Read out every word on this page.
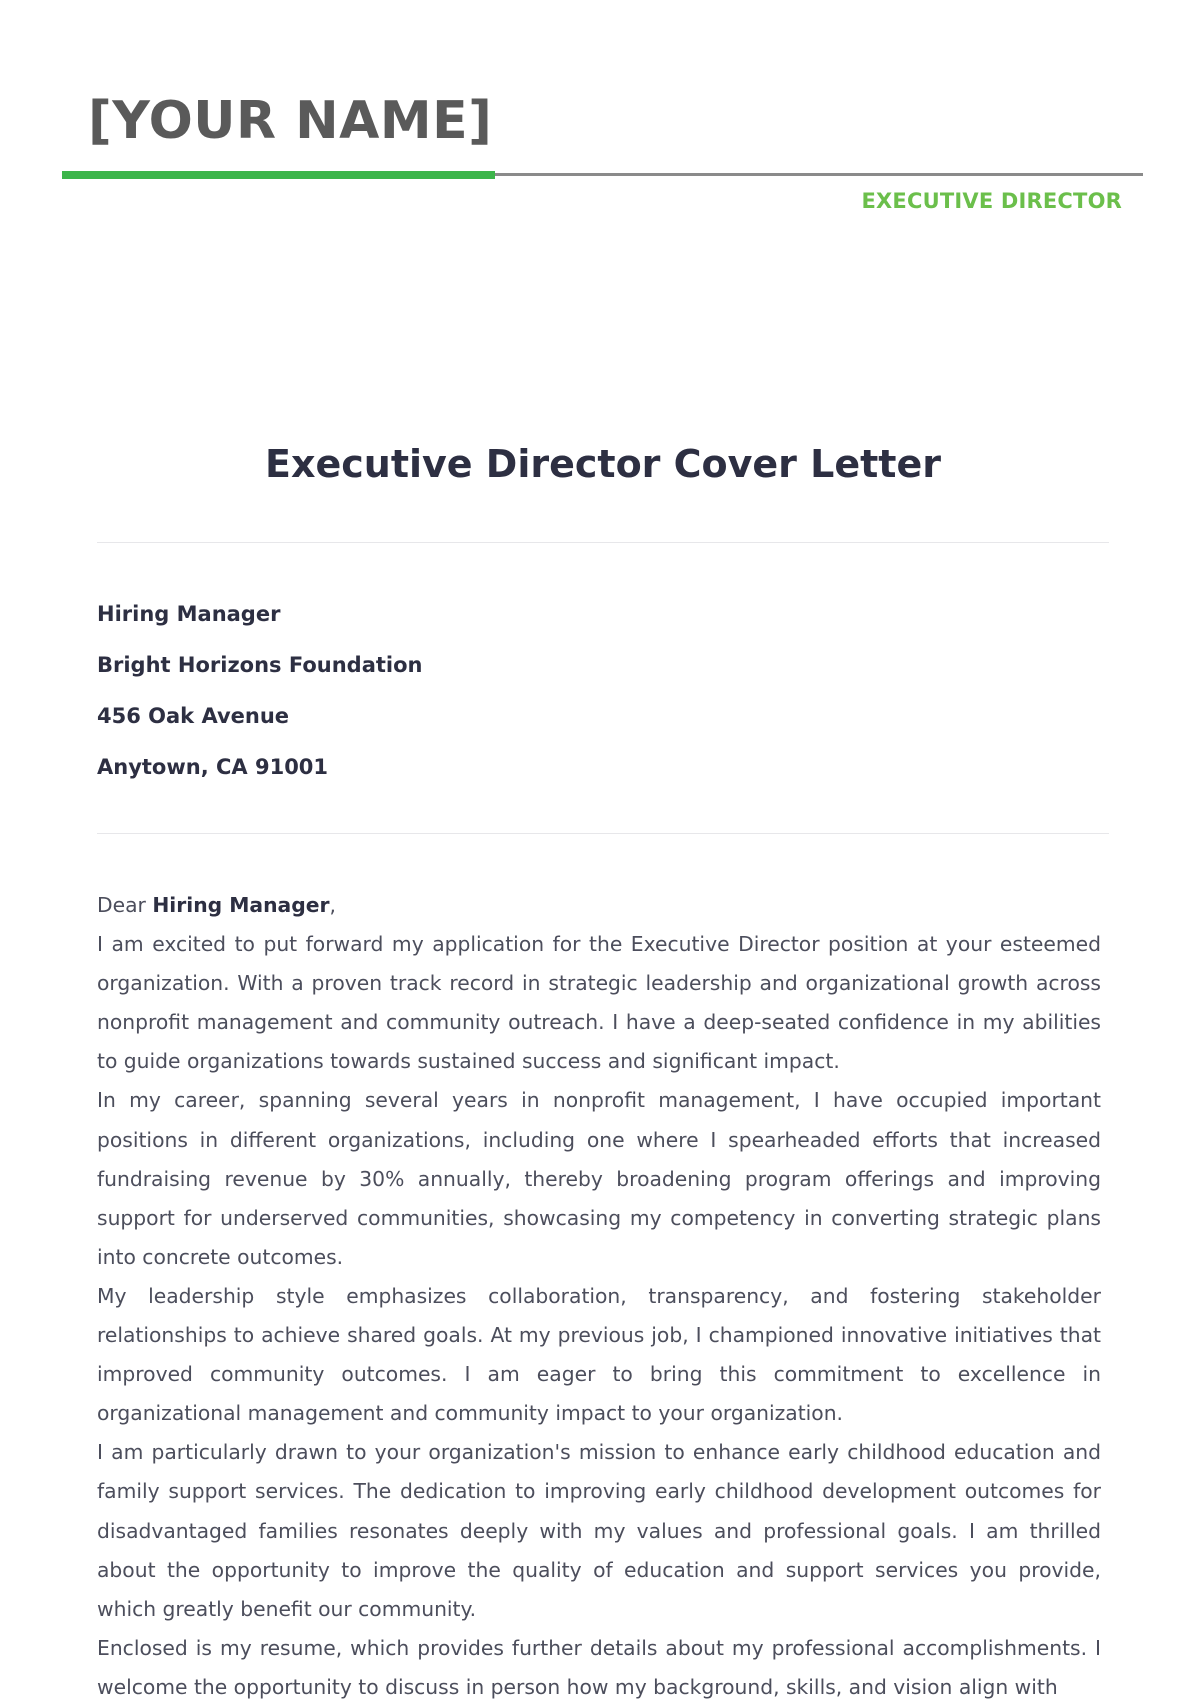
[YOUR NAME]
EXECUTIVE DIRECTOR
Executive Director Cover Letter
Hiring Manager
Bright Horizons Foundation
456 Oak Avenue
Anytown, CA 91001

Dear Hiring Manager,

I am excited to put forward my application for the Executive Director position at your esteemed organization. With a proven track record in strategic leadership and organizational growth across nonprofit management and community outreach. I have a deep-seated confidence in my abilities to guide organizations towards sustained success and significant impact.

In my career, spanning several years in nonprofit management, I have occupied important positions in different organizations, including one where I spearheaded efforts that increased fundraising revenue by 30% annually, thereby broadening program offerings and improving support for underserved communities, showcasing my competency in converting strategic plans into concrete outcomes.

My leadership style emphasizes collaboration, transparency, and fostering stakeholder relationships to achieve shared goals. At my previous job, I championed innovative initiatives that improved community outcomes. I am eager to bring this commitment to excellence in organizational management and community impact to your organization.

I am particularly drawn to your organization's mission to enhance early childhood education and family support services. The dedication to improving early childhood development outcomes for disadvantaged families resonates deeply with my values and professional goals. I am thrilled about the opportunity to improve the quality of education and support services you provide, which greatly benefit our community.

Enclosed is my resume, which provides further details about my professional accomplishments. I welcome the opportunity to discuss in person how my background, skills, and vision align with
